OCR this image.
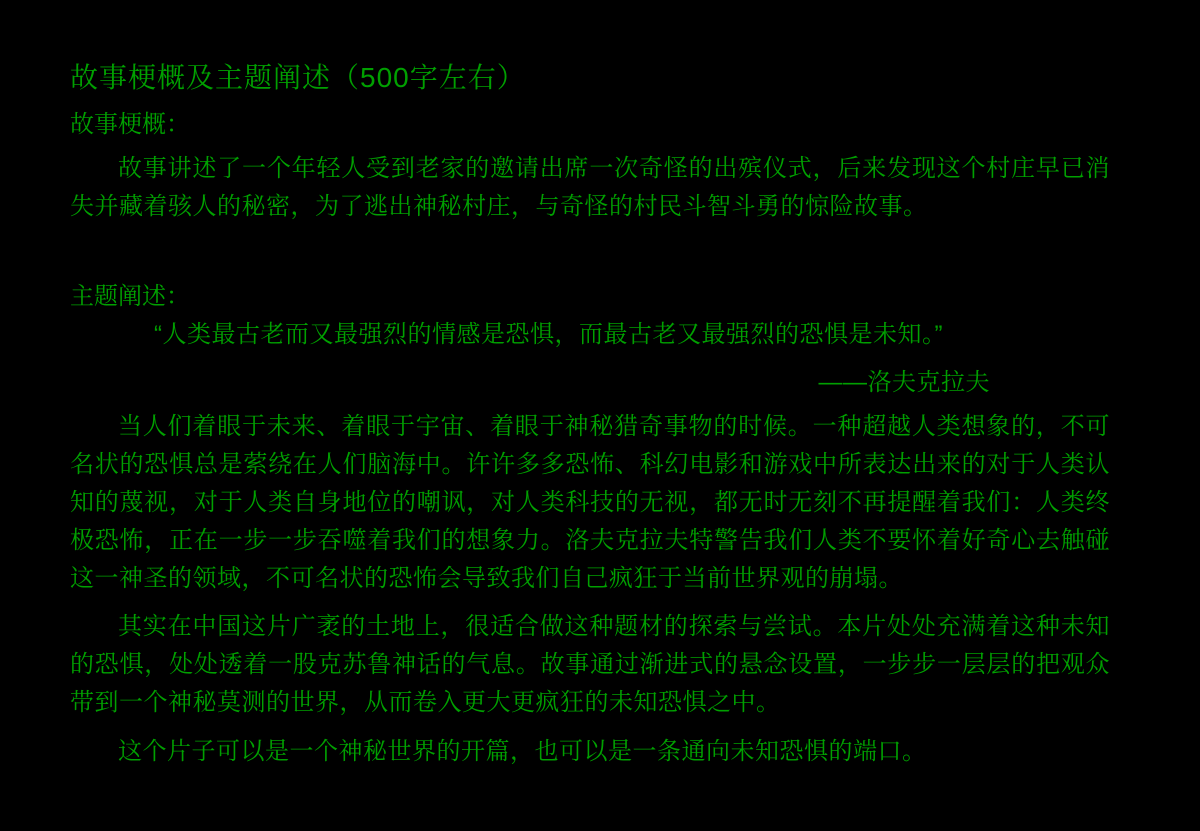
故事梗概及主题阐述（500字左右）
故事梗概：

故事讲述了一个年轻人受到老家的邀请出席一次奇怪的出殡仪式，后来发现这个村庄早已消失并藏着骇人的秘密，为了逃出神秘村庄，与奇怪的村民斗智斗勇的惊险故事。

主题阐述：

“人类最古老而又最强烈的情感是恐惧，而最古老又最强烈的恐惧是未知。”

——洛夫克拉夫

当人们着眼于未来、着眼于宇宙、着眼于神秘猎奇事物的时候。一种超越人类想象的，不可名状的恐惧总是萦绕在人们脑海中。许许多多恐怖、科幻电影和游戏中所表达出来的对于人类认知的蔑视，对于人类自身地位的嘲讽，对人类科技的无视，都无时无刻不再提醒着我们：人类终极恐怖，正在一步一步吞噬着我们的想象力。洛夫克拉夫特警告我们人类不要怀着好奇心去触碰这一神圣的领域，不可名状的恐怖会导致我们自己疯狂于当前世界观的崩塌。

其实在中国这片广袤的土地上，很适合做这种题材的探索与尝试。本片处处充满着这种未知的恐惧，处处透着一股克苏鲁神话的气息。故事通过渐进式的悬念设置，一步步一层层的把观众带到一个神秘莫测的世界，从而卷入更大更疯狂的未知恐惧之中。

这个片子可以是一个神秘世界的开篇，也可以是一条通向未知恐惧的端口。
